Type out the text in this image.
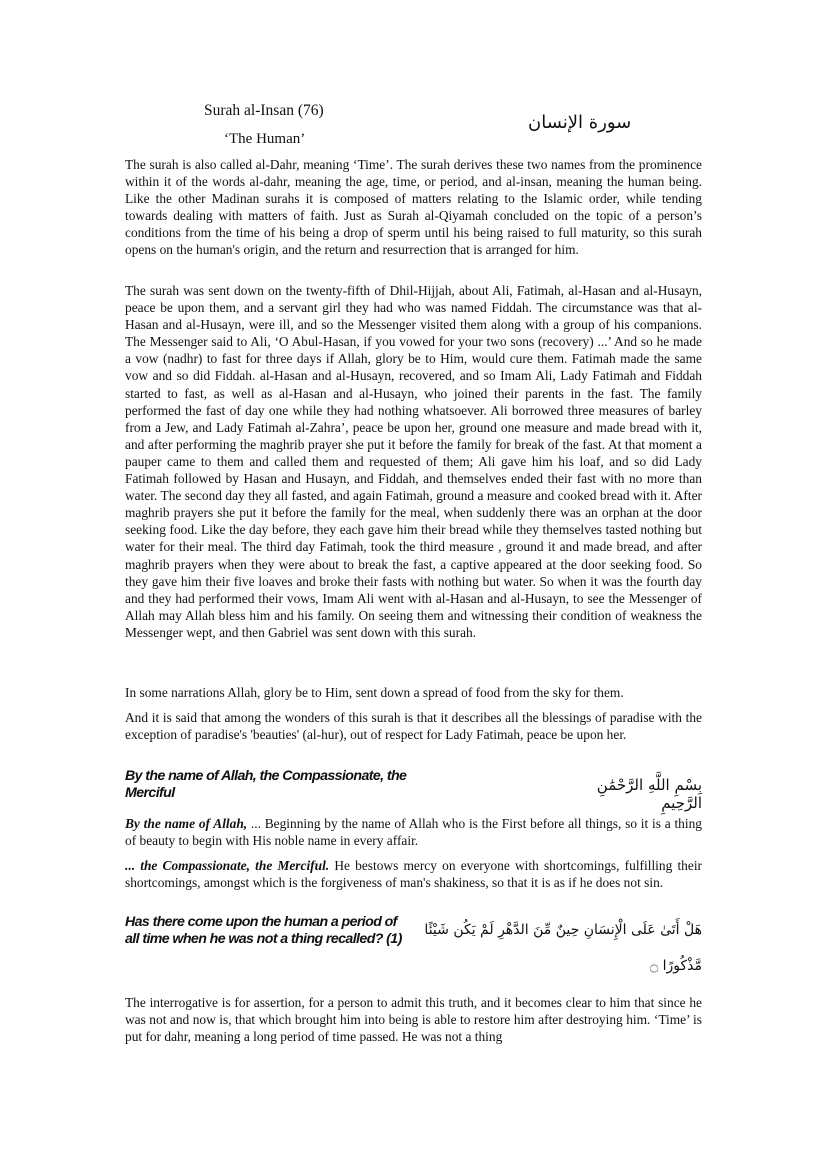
Surah al-Insan (76)
‘The Human’
سورة الإنسان

The surah is also called al-Dahr, meaning ‘Time’. The surah derives these two names from the prominence within it of the words al-dahr, meaning the age, time, or period, and al-insan, meaning the human being. Like the other Madinan surahs it is composed of matters relating to the Islamic order, while tending towards dealing with matters of faith. Just as Surah al-Qiyamah concluded on the topic of a person’s conditions from the time of his being a drop of sperm until his being raised to full maturity, so this surah opens on the human's origin, and the return and resurrection that is arranged for him.

The surah was sent down on the twenty-fifth of Dhil-Hijjah, about Ali, Fatimah, al-Hasan and al-Husayn, peace be upon them, and a servant girl they had who was named Fiddah. The circumstance was that al-Hasan and al-Husayn, were ill, and so the Messenger visited them along with a group of his companions. The Messenger said to Ali, ‘O Abul-Hasan, if you vowed for your two sons (recovery) ...’ And so he made a vow (nadhr) to fast for three days if Allah, glory be to Him, would cure them. Fatimah made the same vow and so did Fiddah. al-Hasan and al-Husayn, recovered, and so Imam Ali, Lady Fatimah and Fiddah started to fast, as well as al-Hasan and al-Husayn, who joined their parents in the fast. The family performed the fast of day one while they had nothing whatsoever. Ali borrowed three measures of barley from a Jew, and Lady Fatimah al-Zahra’, peace be upon her, ground one measure and made bread with it, and after performing the maghrib prayer she put it before the family for break of the fast. At that moment a pauper came to them and called them and requested of them; Ali gave him his loaf, and so did Lady Fatimah followed by Hasan and Husayn, and Fiddah, and themselves ended their fast with no more than water. The second day they all fasted, and again Fatimah, ground a measure and cooked bread with it. After maghrib prayers she put it before the family for the meal, when suddenly there was an orphan at the door seeking food. Like the day before, they each gave him their bread while they themselves tasted nothing but water for their meal. The third day Fatimah, took the third measure , ground it and made bread, and after maghrib prayers when they were about to break the fast, a captive appeared at the door seeking food. So they gave him their five loaves and broke their fasts with nothing but water. So when it was the fourth day and they had performed their vows, Imam Ali went with al-Hasan and al-Husayn, to see the Messenger of Allah may Allah bless him and his family. On seeing them and witnessing their condition of weakness the Messenger wept, and then Gabriel was sent down with this surah.

In some narrations Allah, glory be to Him, sent down a spread of food from the sky for them.

And it is said that among the wonders of this surah is that it describes all the blessings of paradise with the exception of paradise's 'beauties' (al-hur), out of respect for Lady Fatimah, peace be upon her.

By the name of Allah, the Compassionate, the Merciful	بِسْمِ اللَّهِ الرَّحْمَٰنِ الرَّحِيمِ

By the name of Allah, ... Beginning by the name of Allah who is the First before all things, so it is a thing of beauty to begin with His noble name in every affair.

... the Compassionate, the Merciful. He bestows mercy on everyone with shortcomings, fulfilling their shortcomings, amongst which is the forgiveness of man's shakiness, so that it is as if he does not sin.

Has there come upon the human a period of all time when he was not a thing recalled? (1)

هَلْ أَتَىٰ عَلَى الْإِنسَانِ حِينٌ مِّنَ الدَّهْرِ لَمْ يَكُن شَيْئًا
مَّذْكُورًا ۝

The interrogative is for assertion, for a person to admit this truth, and it becomes clear to him that since he was not and now is, that which brought him into being is able to restore him after destroying him. ‘Time’ is put for dahr, meaning a long period of time passed. He was not a thing
